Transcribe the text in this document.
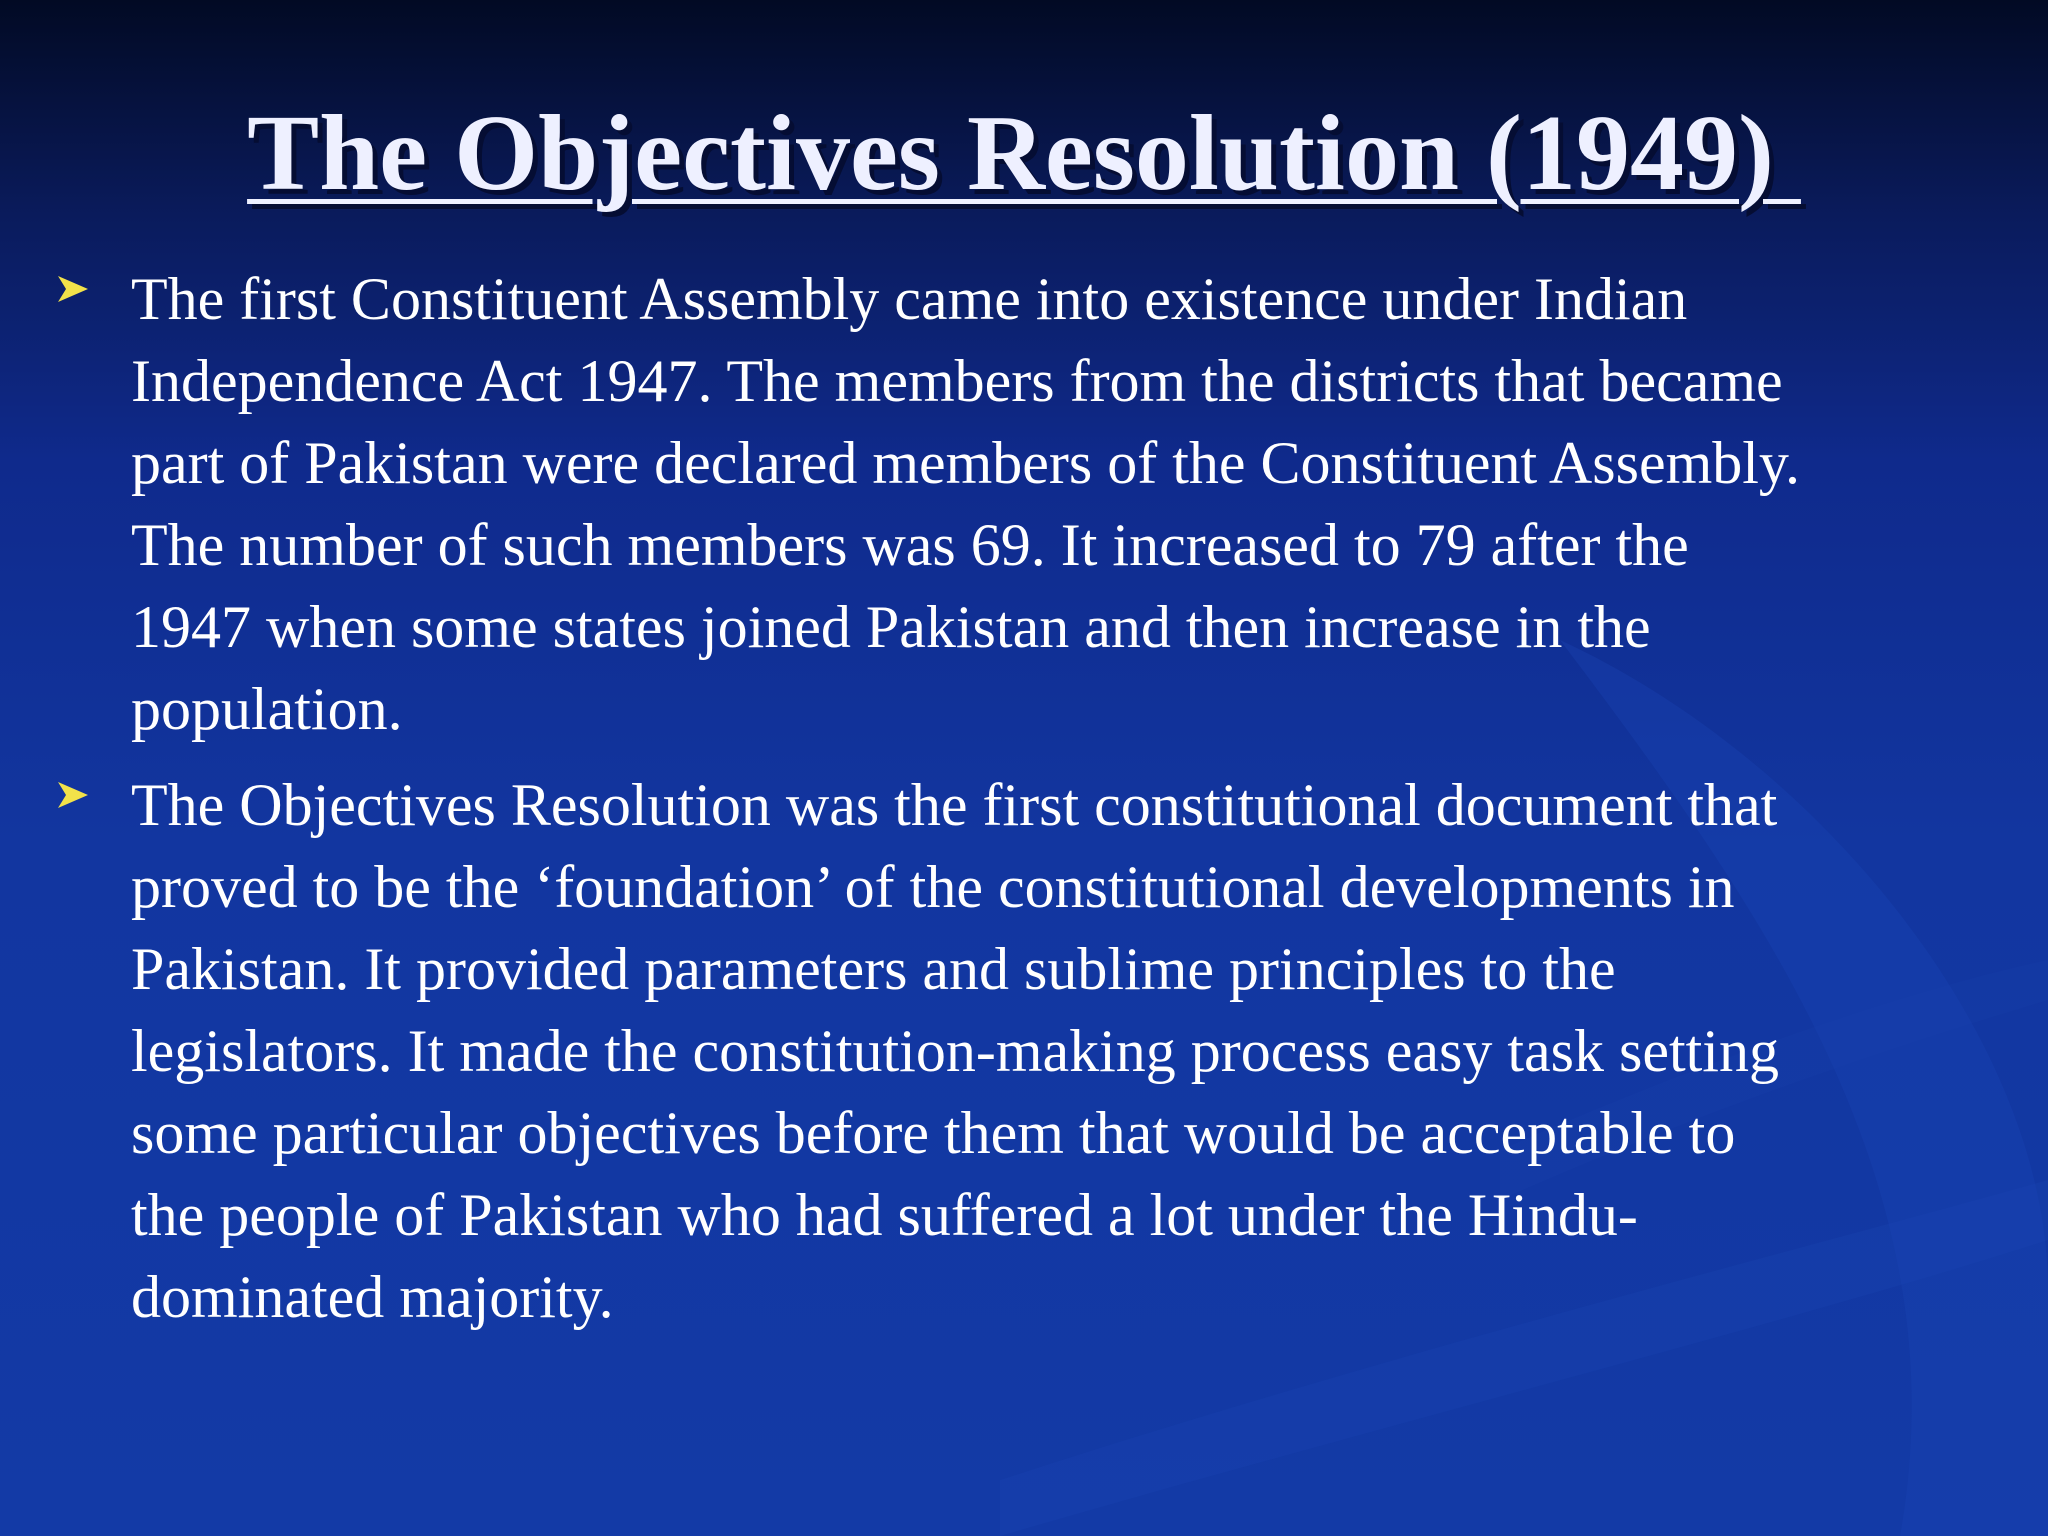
The Objectives Resolution (1949)
The first Constituent Assembly came into existence under Indian
Independence Act 1947. The members from the districts that became
part of Pakistan were declared members of the Constituent Assembly.
The number of such members was 69. It increased to 79 after the
1947 when some states joined Pakistan and then increase in the
population.
The Objectives Resolution was the first constitutional document that
proved to be the ‘foundation’ of the constitutional developments in
Pakistan. It provided parameters and sublime principles to the
legislators. It made the constitution-making process easy task setting
some particular objectives before them that would be acceptable to
the people of Pakistan who had suffered a lot under the Hindu-
dominated majority.
